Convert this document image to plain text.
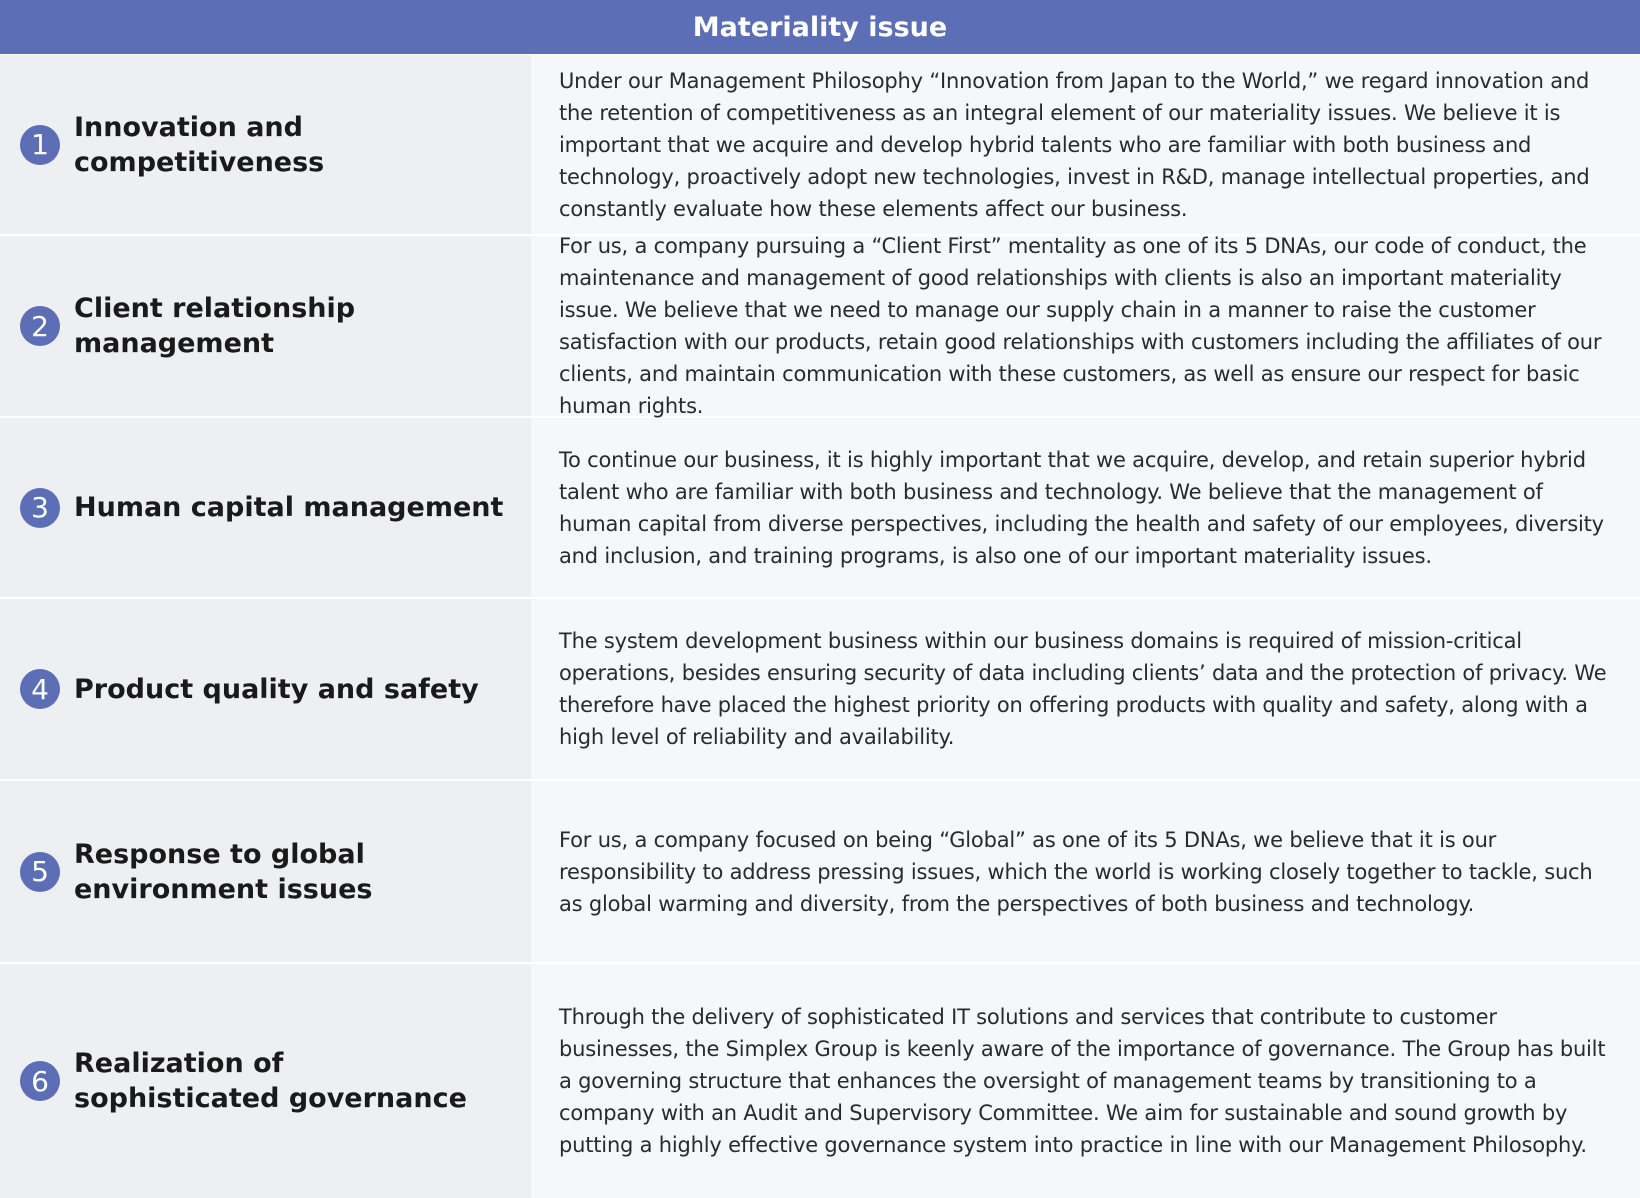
Materiality issue
1
Innovation and competitiveness
Under our Management Philosophy “Innovation from Japan to the World,” we regard innovation and the retention of competitiveness as an integral element of our materiality issues. We believe it is important that we acquire and develop hybrid talents who are familiar with both business and technology, proactively adopt new technologies, invest in R&D, manage intellectual properties, and constantly evaluate how these elements affect our business.
2
Client relationship management
For us, a company pursuing a “Client First” mentality as one of its 5 DNAs, our code of conduct, the maintenance and management of good relationships with clients is also an important materiality issue. We believe that we need to manage our supply chain in a manner to raise the customer satisfaction with our products, retain good relationships with customers including the affiliates of our clients, and maintain communication with these customers, as well as ensure our respect for basic human rights.
3 Human capital management
To continue our business, it is highly important that we acquire, develop, and retain superior hybrid talent who are familiar with both business and technology. We believe that the management of human capital from diverse perspectives, including the health and safety of our employees, diversity and inclusion, and training programs, is also one of our important materiality issues.
4 Product quality and safety
The system development business within our business domains is required of mission-critical operations, besides ensuring security of data including clients’ data and the protection of privacy. We therefore have placed the highest priority on offering products with quality and safety, along with a high level of reliability and availability.
5
Response to global environment issues
For us, a company focused on being “Global” as one of its 5 DNAs, we believe that it is our responsibility to address pressing issues, which the world is working closely together to tackle, such as global warming and diversity, from the perspectives of both business and technology.
6
Realization of sophisticated governance
Through the delivery of sophisticated IT solutions and services that contribute to customer businesses, the Simplex Group is keenly aware of the importance of governance. The Group has built a governing structure that enhances the oversight of management teams by transitioning to a company with an Audit and Supervisory Committee. We aim for sustainable and sound growth by putting a highly effective governance system into practice in line with our Management Philosophy.
